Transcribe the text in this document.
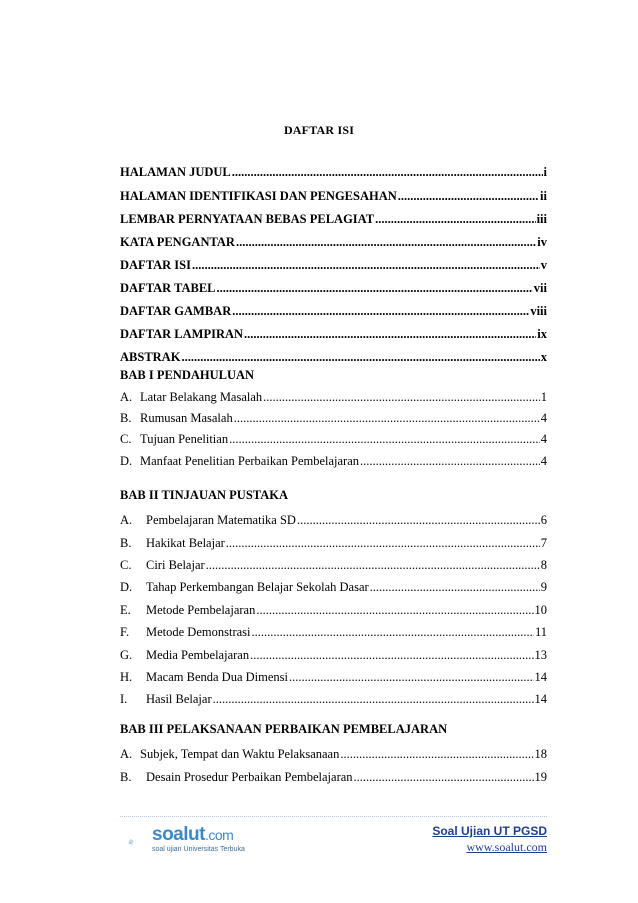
DAFTAR ISI
HALAMAN JUDUL .....	i
HALAMAN IDENTIFIKASI DAN PENGESAHAN .....	ii
LEMBAR PERNYATAAN BEBAS PELAGIAT .....	iii
KATA PENGANTAR .....	iv
DAFTAR ISI .....	v
DAFTAR TABEL .....	vii
DAFTAR GAMBAR .....	viii
DAFTAR LAMPIRAN .....	ix
ABSTRAK .....	x
BAB I PENDAHULUAN
A. Latar Belakang Masalah .....	1
B. Rumusan Masalah .....	4
C. Tujuan Penelitian .....	4
D. Manfaat Penelitian Perbaikan Pembelajaran .....	4
BAB II TINJAUAN PUSTAKA
A. Pembelajaran Matematika SD .....	6
B. Hakikat Belajar .....	7
C. Ciri Belajar .....	8
D. Tahap Perkembangan Belajar Sekolah Dasar .....	9
E. Metode Pembelajaran .....	10
F. Metode Demonstrasi .....	11
G. Media Pembelajaran .....	13
H. Macam Benda Dua Dimensi .....	14
I. Hasil Belajar .....	14
BAB III PELAKSANAAN PERBAIKAN PEMBELAJARAN
A. Subjek, Tempat dan Waktu Pelaksanaan .....	18
B. Desain Prosedur Perbaikan Pembelajaran .....	19
soalut.com
soal ujian Universitas Terbuka
Soal Ujian UT PGSD
www.soalut.com
